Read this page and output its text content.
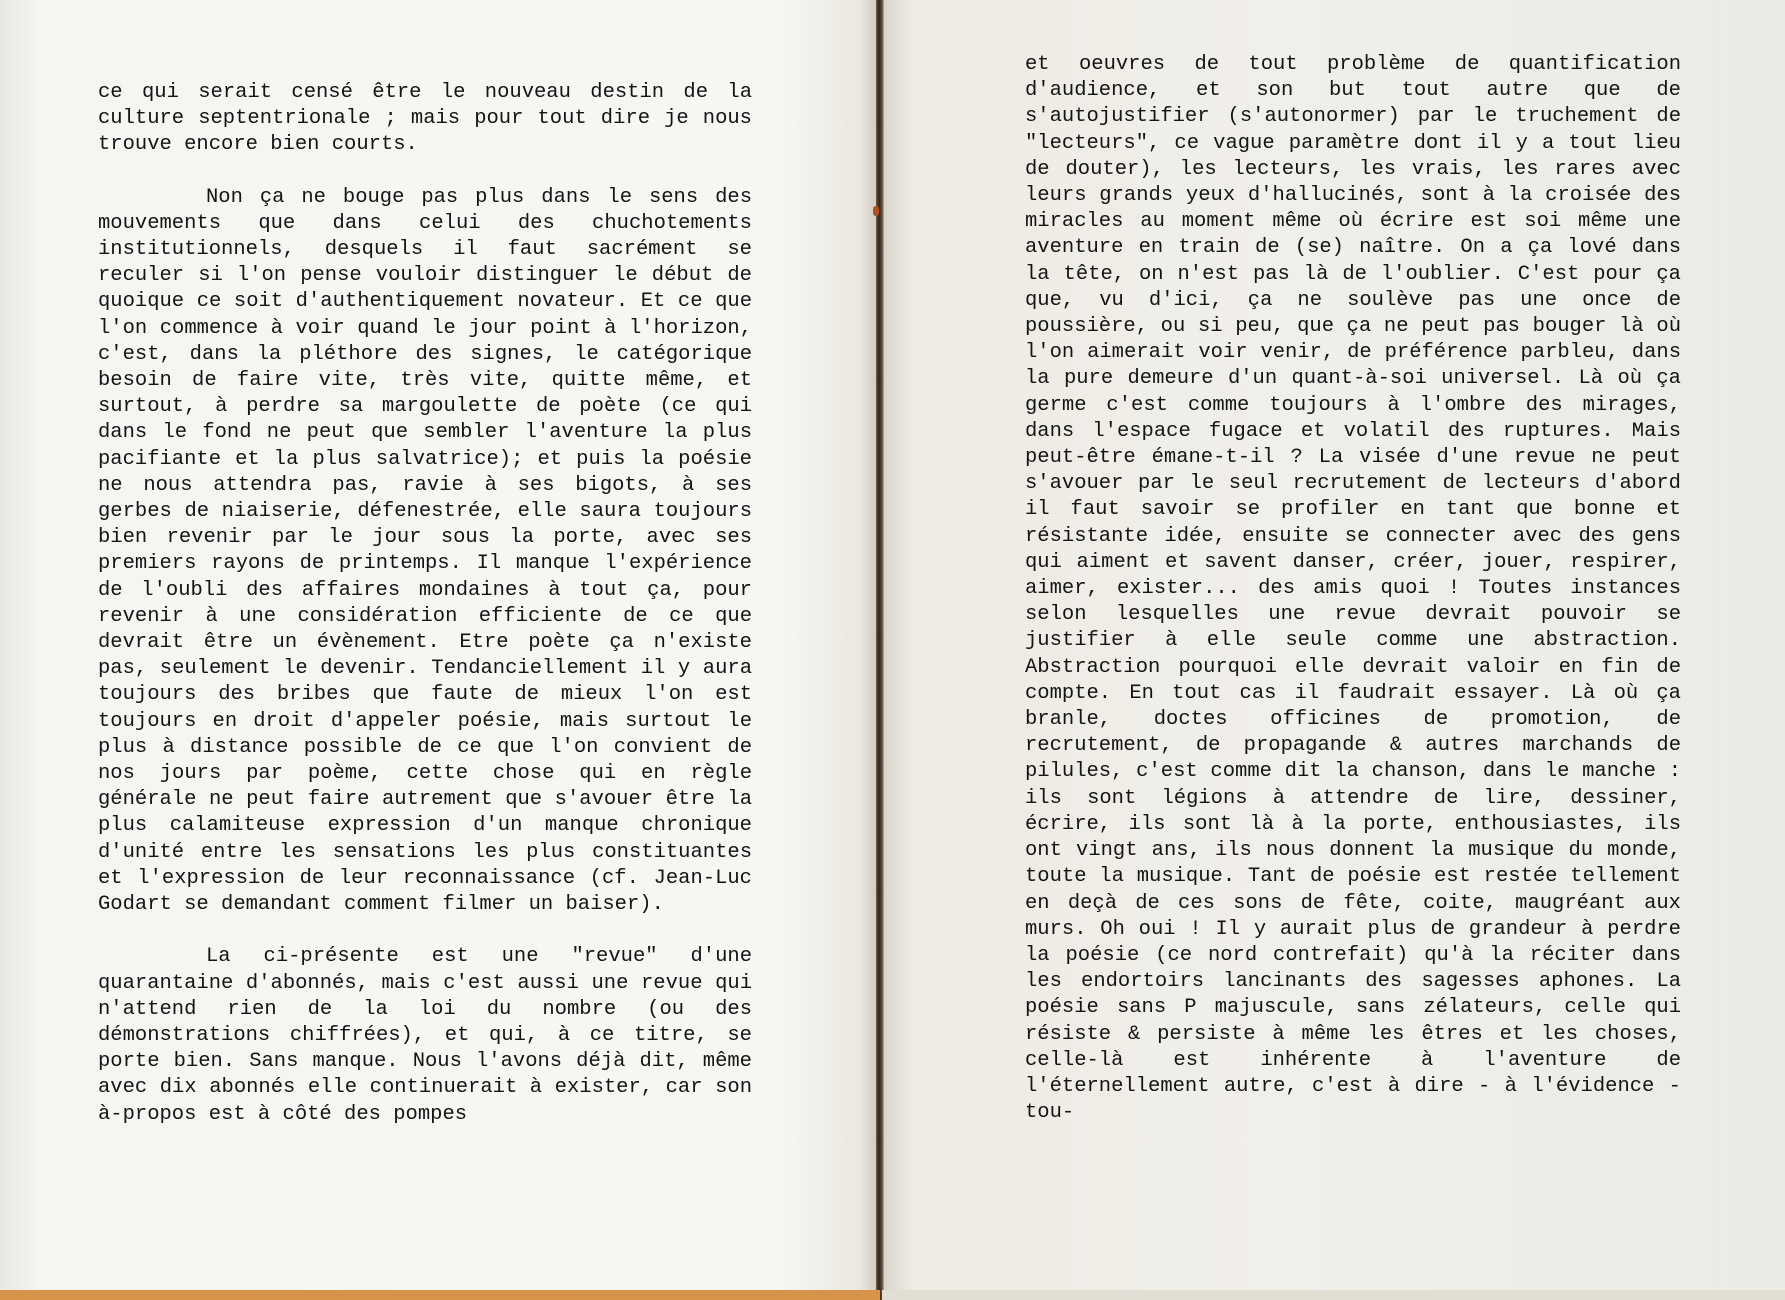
ce qui serait censé être le nouveau destin de la culture septentrionale ; mais pour tout dire je nous trouve encore bien courts.

Non ça ne bouge pas plus dans le sens des mouvements que dans celui des chuchotements institutionnels, desquels il faut sacrément se reculer si l'on pense vouloir distinguer le début de quoique ce soit d'authentiquement novateur. Et ce que l'on commence à voir quand le jour point à l'horizon, c'est, dans la pléthore des signes, le catégorique besoin de faire vite, très vite, quitte même, et surtout, à perdre sa margoulette de poète (ce qui dans le fond ne peut que sembler l'aventure la plus pacifiante et la plus salvatrice); et puis la poésie ne nous attendra pas, ravie à ses bigots, à ses gerbes de niaiserie, défenestrée, elle saura toujours bien revenir par le jour sous la porte, avec ses premiers rayons de printemps. Il manque l'expérience de l'oubli des affaires mondaines à tout ça, pour revenir à une considération efficiente de ce que devrait être un évènement. Etre poète ça n'existe pas, seulement le devenir. Tendanciellement il y aura toujours des bribes que faute de mieux l'on est toujours en droit d'appeler poésie, mais surtout le plus à distance possible de ce que l'on convient de nos jours par poème, cette chose qui en règle générale ne peut faire autrement que s'avouer être la plus calamiteuse expression d'un manque chronique d'unité entre les sensations les plus constituantes et l'expression de leur reconnaissance (cf. Jean-Luc Godart se demandant comment filmer un baiser).

La ci-présente est une "revue" d'une quarantaine d'abonnés, mais c'est aussi une revue qui n'attend rien de la loi du nombre (ou des démonstrations chiffrées), et qui, à ce titre, se porte bien. Sans manque. Nous l'avons déjà dit, même avec dix abonnés elle continuerait à exister, car son à-propos est à côté des pompes

et oeuvres de tout problème de quantification d'audience, et son but tout autre que de s'autojustifier (s'autonormer) par le truchement de "lecteurs", ce vague paramètre dont il y a tout lieu de douter), les lecteurs, les vrais, les rares avec leurs grands yeux d'hallucinés, sont à la croisée des miracles au moment même où écrire est soi même une aventure en train de (se) naître. On a ça lové dans la tête, on n'est pas là de l'oublier. C'est pour ça que, vu d'ici, ça ne soulève pas une once de poussière, ou si peu, que ça ne peut pas bouger là où l'on aimerait voir venir, de préférence parbleu, dans la pure demeure d'un quant-à-soi universel. Là où ça germe c'est comme toujours à l'ombre des mirages, dans l'espace fugace et volatil des ruptures. Mais peut-être émane-t-il ? La visée d'une revue ne peut s'avouer par le seul recrutement de lecteurs d'abord il faut savoir se profiler en tant que bonne et résistante idée, ensuite se connecter avec des gens qui aiment et savent danser, créer, jouer, respirer, aimer, exister... des amis quoi ! Toutes instances selon lesquelles une revue devrait pouvoir se justifier à elle seule comme une abstraction. Abstraction pourquoi elle devrait valoir en fin de compte. En tout cas il faudrait essayer. Là où ça branle, doctes officines de promotion, de recrutement, de propagande & autres marchands de pilules, c'est comme dit la chanson, dans le manche : ils sont légions à attendre de lire, dessiner, écrire, ils sont là à la porte, enthousiastes, ils ont vingt ans, ils nous donnent la musique du monde, toute la musique. Tant de poésie est restée tellement en deçà de ces sons de fête, coite, maugréant aux murs. Oh oui ! Il y aurait plus de grandeur à perdre la poésie (ce nord contrefait) qu'à la réciter dans les endortoirs lancinants des sagesses aphones. La poésie sans P majuscule, sans zélateurs, celle qui résiste & persiste à même les êtres et les choses, celle-là est inhérente à l'aventure de l'éternellement autre, c'est à dire - à l'évidence - tou-
